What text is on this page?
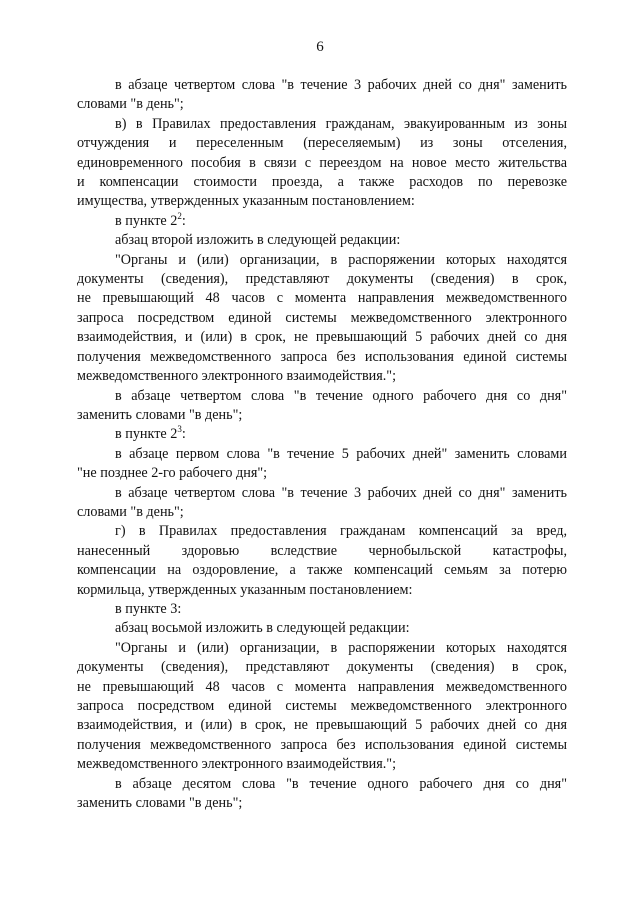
6
в абзаце четвертом слова "в течение 3 рабочих дней со дня" заменить
словами "в день";
в) в Правилах предоставления гражданам, эвакуированным из зоны
отчуждения и переселенным (переселяемым) из зоны отселения,
единовременного пособия в связи с переездом на новое место жительства
и компенсации стоимости проезда, а также расходов по перевозке
имущества, утвержденных указанным постановлением:
в пункте $2^2$:
абзац второй изложить в следующей редакции:
"Органы и (или) организации, в распоряжении которых находятся
документы (сведения), представляют документы (сведения) в срок,
не превышающий 48 часов с момента направления межведомственного
запроса посредством единой системы межведомственного электронного
взаимодействия, и (или) в срок, не превышающий 5 рабочих дней со дня
получения межведомственного запроса без использования единой системы
межведомственного электронного взаимодействия.";
в абзаце четвертом слова "в течение одного рабочего дня со дня"
заменить словами "в день";
в пункте $2^3$:
в абзаце первом слова "в течение 5 рабочих дней" заменить словами
"не позднее 2-го рабочего дня";
в абзаце четвертом слова "в течение 3 рабочих дней со дня" заменить
словами "в день";
г) в Правилах предоставления гражданам компенсаций за вред,
нанесенный здоровью вследствие чернобыльской катастрофы,
компенсации на оздоровление, а также компенсаций семьям за потерю
кормильца, утвержденных указанным постановлением:
в пункте 3:
абзац восьмой изложить в следующей редакции:
"Органы и (или) организации, в распоряжении которых находятся
документы (сведения), представляют документы (сведения) в срок,
не превышающий 48 часов с момента направления межведомственного
запроса посредством единой системы межведомственного электронного
взаимодействия, и (или) в срок, не превышающий 5 рабочих дней со дня
получения межведомственного запроса без использования единой системы
межведомственного электронного взаимодействия.";
в абзаце десятом слова "в течение одного рабочего дня со дня"
заменить словами "в день";
